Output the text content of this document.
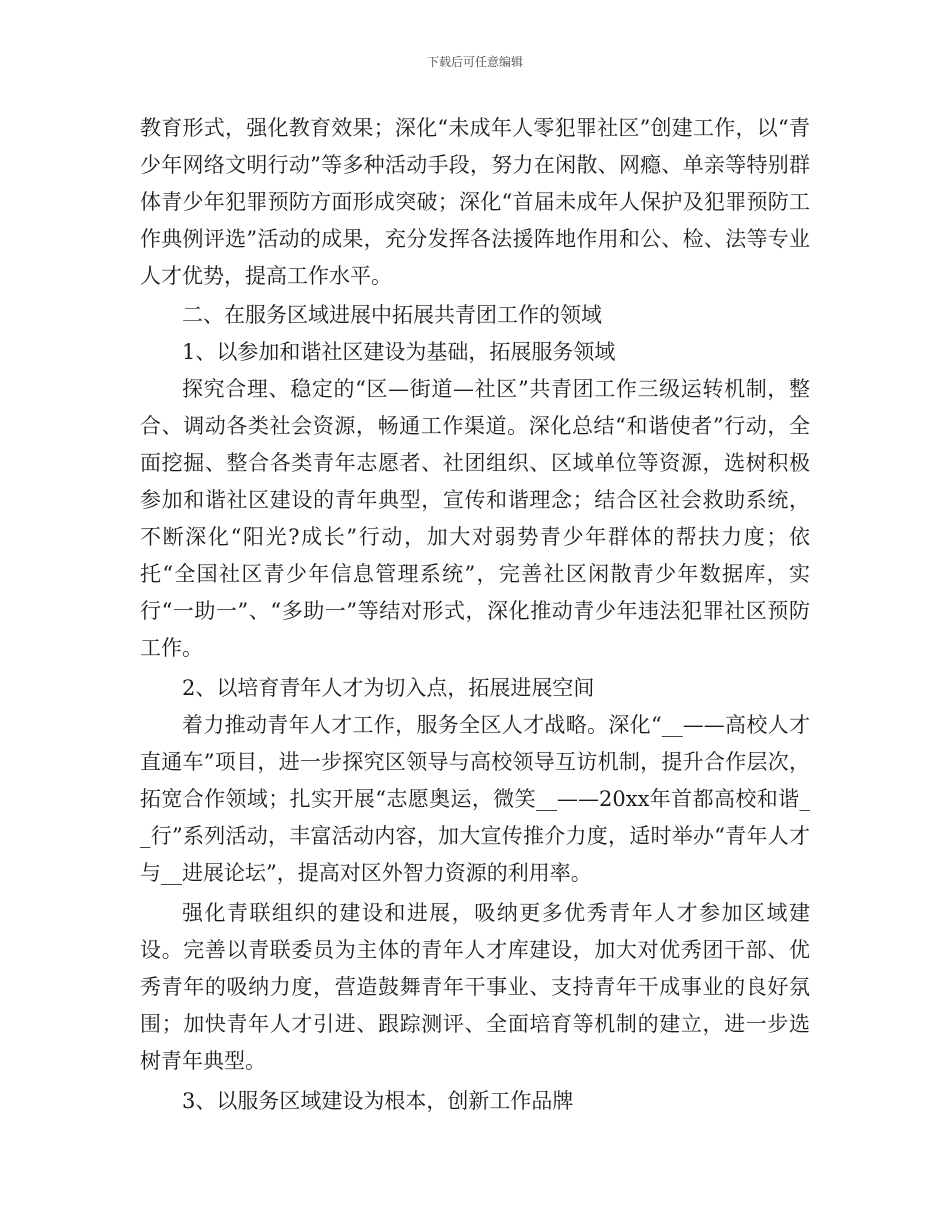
下载后可任意编辑

教育形式，强化教育效果；深化“未成年人零犯罪社区”创建工作，以“青少年网络文明行动”等多种活动手段，努力在闲散、网瘾、单亲等特别群体青少年犯罪预防方面形成突破；深化“首届未成年人保护及犯罪预防工作典例评选”活动的成果，充分发挥各法援阵地作用和公、检、法等专业人才优势，提高工作水平。

二、在服务区域进展中拓展共青团工作的领域

1、以参加和谐社区建设为基础，拓展服务领域

探究合理、稳定的“区—街道—社区”共青团工作三级运转机制，整合、调动各类社会资源，畅通工作渠道。深化总结“和谐使者”行动，全面挖掘、整合各类青年志愿者、社团组织、区域单位等资源，选树积极参加和谐社区建设的青年典型，宣传和谐理念；结合区社会救助系统，不断深化“阳光?成长”行动，加大对弱势青少年群体的帮扶力度；依托“全国社区青少年信息管理系统”，完善社区闲散青少年数据库，实行“一助一”、“多助一”等结对形式，深化推动青少年违法犯罪社区预防工作。

2、以培育青年人才为切入点，拓展进展空间

着力推动青年人才工作，服务全区人才战略。深化“__——高校人才直通车”项目，进一步探究区领导与高校领导互访机制，提升合作层次，拓宽合作领域；扎实开展“志愿奥运，微笑__——20xx年首都高校和谐__行”系列活动，丰富活动内容，加大宣传推介力度，适时举办“青年人才与__进展论坛”，提高对区外智力资源的利用率。

强化青联组织的建设和进展，吸纳更多优秀青年人才参加区域建设。完善以青联委员为主体的青年人才库建设，加大对优秀团干部、优秀青年的吸纳力度，营造鼓舞青年干事业、支持青年干成事业的良好氛围；加快青年人才引进、跟踪测评、全面培育等机制的建立，进一步选树青年典型。

3、以服务区域建设为根本，创新工作品牌
